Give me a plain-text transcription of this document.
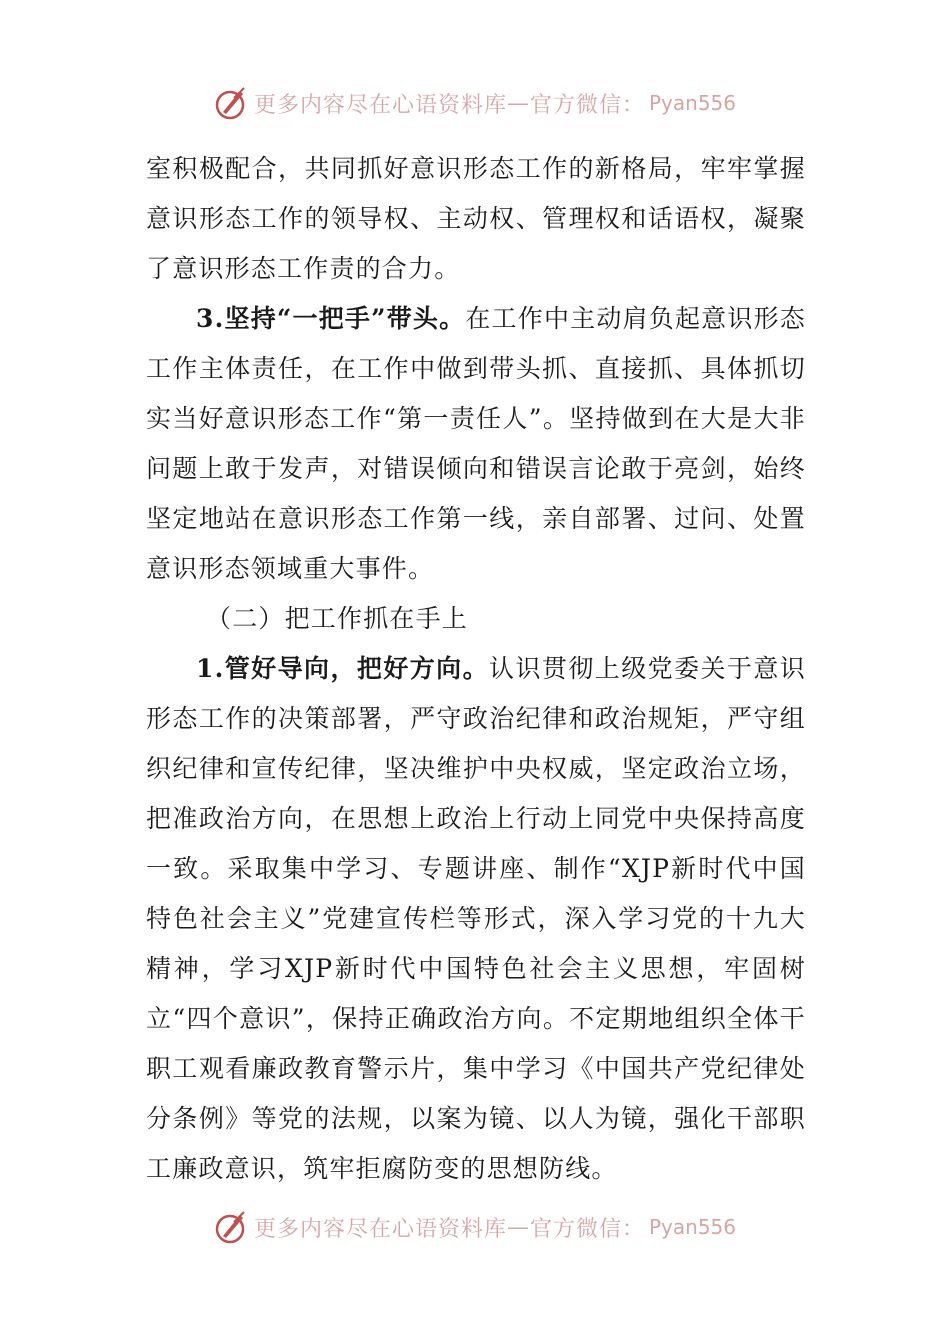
更多内容尽在心语资料库 — 官方微信： Pyan556

室积极配合，共同抓好意识形态工作的新格局，牢牢掌握意识形态工作的领导权、主动权、管理权和话语权，凝聚了意识形态工作责的合力。

3.坚持“一把手”带头。在工作中主动肩负起意识形态工作主体责任，在工作中做到带头抓、直接抓、具体抓切实当好意识形态工作“第一责任人”。坚持做到在大是大非问题上敢于发声，对错误倾向和错误言论敢于亮剑，始终坚定地站在意识形态工作第一线，亲自部署、过问、处置意识形态领域重大事件。

（二）把工作抓在手上

1.管好导向，把好方向。认识贯彻上级党委关于意识形态工作的决策部署，严守政治纪律和政治规矩，严守组织纪律和宣传纪律，坚决维护中央权威，坚定政治立场，把准政治方向，在思想上政治上行动上同党中央保持高度一致。采取集中学习、专题讲座、制作“XJP新时代中国特色社会主义”党建宣传栏等形式，深入学习党的十九大精神，学习XJP新时代中国特色社会主义思想，牢固树立“四个意识”，保持正确政治方向。不定期地组织全体干职工观看廉政教育警示片，集中学习《中国共产党纪律处分条例》等党的法规，以案为镜、以人为镜，强化干部职工廉政意识，筑牢拒腐防变的思想防线。

更多内容尽在心语资料库 — 官方微信： Pyan556
